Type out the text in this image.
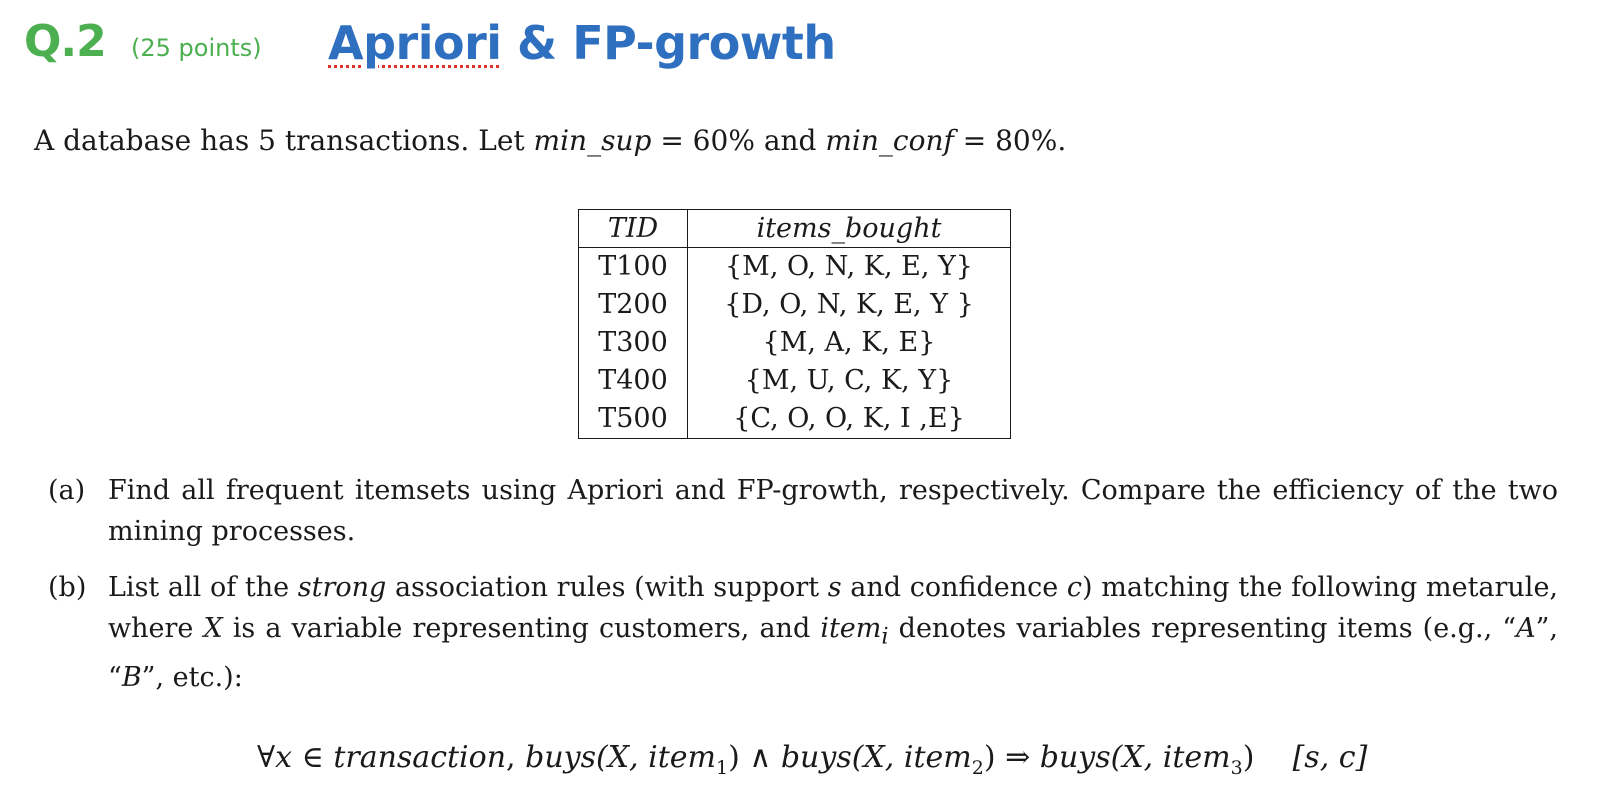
Q.2 (25 points) Apriori & FP-growth
A database has 5 transactions. Let min_sup = 60% and min_conf = 80%.
TID	items_bought
T100	{M, O, N, K, E, Y}
T200	{D, O, N, K, E, Y }
T300	{M, A, K, E}
T400	{M, U, C, K, Y}
T500	{C, O, O, K, I ,E}
(a) Find all frequent itemsets using Apriori and FP-growth, respectively. Compare the efficiency of the two mining processes.
(b) List all of the strong association rules (with support s and confidence c) matching the following metarule, where X is a variable representing customers, and item$_i$ denotes variables representing items (e.g., “A”, “B”, etc.):
∀x ∈ transaction, buys(X, item$_1$) ∧ buys(X, item$_2$) ⇒ buys(X, item$_3$) [s, c]
